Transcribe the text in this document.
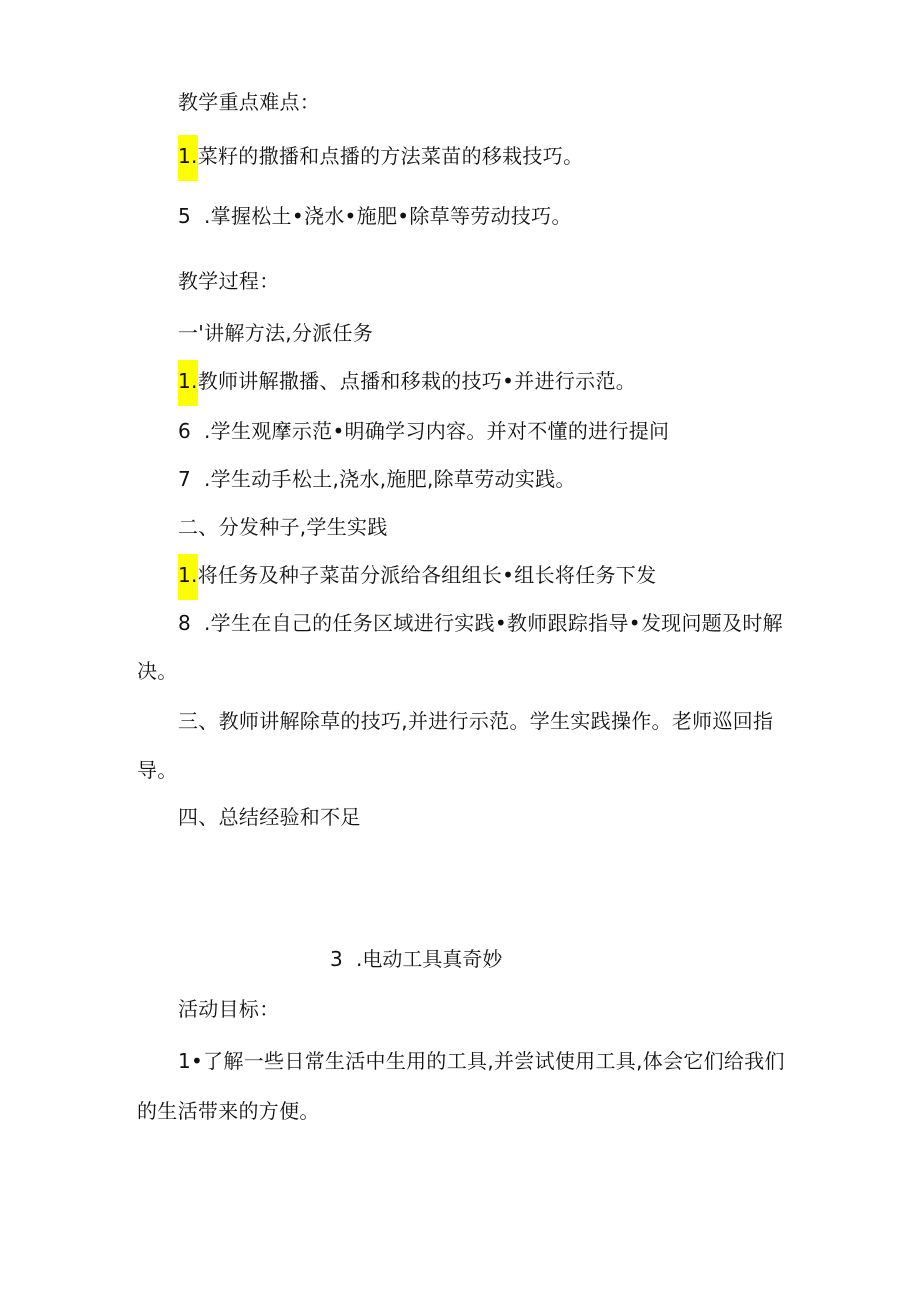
教学重点难点：
1.菜籽的撒播和点播的方法菜苗的移栽技巧。
5 .掌握松土•浇水•施肥•除草等劳动技巧。
教学过程：
一'讲解方法,分派任务
1.教师讲解撒播、点播和移栽的技巧•并进行示范。
6 .学生观摩示范•明确学习内容。并对不懂的进行提问
7 .学生动手松土,浇水,施肥,除草劳动实践。
二、分发种子,学生实践
1.将任务及种子菜苗分派给各组组长•组长将任务下发
8 .学生在自己的任务区域进行实践•教师跟踪指导•发现问题及时解
决。
三、教师讲解除草的技巧,并进行示范。学生实践操作。老师巡回指
导。
四、总结经验和不足
3 .电动工具真奇妙
活动目标：
1•了解一些日常生活中生用的工具,并尝试使用工具,体会它们给我们
的生活带来的方便。
